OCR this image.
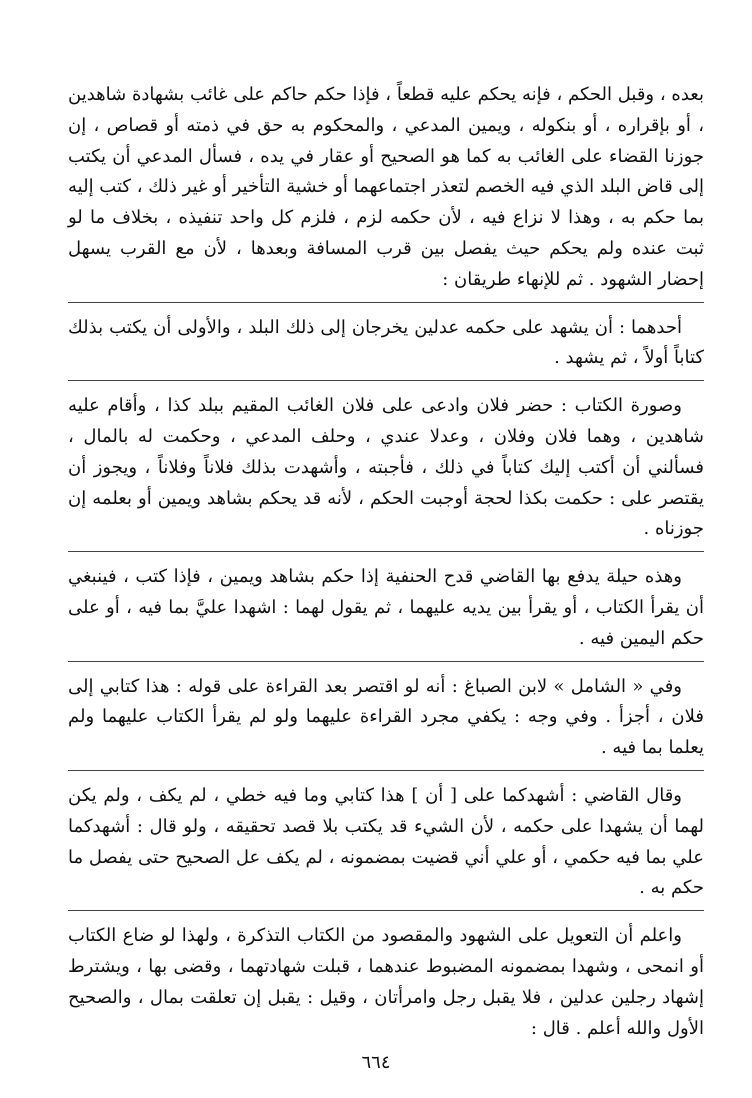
بعده ، وقبل الحكم ، فإنه يحكم عليه قطعاً ، فإذا حكم حاكم على غائب بشهادة شاهدين ، أو بإقراره ، أو بنكوله ، ويمين المدعي ، والمحكوم به حق في ذمته أو قصاص ، إن جوزنا القضاء على الغائب به كما هو الصحيح أو عقار في يده ، فسأل المدعي أن يكتب إلى قاض البلد الذي فيه الخصم لتعذر اجتماعهما أو خشية التأخير أو غير ذلك ، كتب إليه بما حكم به ، وهذا لا نزاع فيه ، لأن حكمه لزم ، فلزم كل واحد تنفيذه ، بخلاف ما لو ثبت عنده ولم يحكم حيث يفصل بين قرب المسافة وبعدها ، لأن مع القرب يسهل إحضار الشهود . ثم للإنهاء طريقان :

أحدهما : أن يشهد على حكمه عدلين يخرجان إلى ذلك البلد ، والأولى أن يكتب بذلك كتاباً أولاً ، ثم يشهد .

وصورة الكتاب : حضر فلان وادعى على فلان الغائب المقيم ببلد كذا ، وأقام عليه شاهدين ، وهما فلان وفلان ، وعدلا عندي ، وحلف المدعي ، وحكمت له بالمال ، فسألني أن أكتب إليك كتاباً في ذلك ، فأجبته ، وأشهدت بذلك فلاناً وفلاناً ، ويجوز أن يقتصر على : حكمت بكذا لحجة أوجبت الحكم ، لأنه قد يحكم بشاهد ويمين أو بعلمه إن جوزناه .

وهذه حيلة يدفع بها القاضي قدح الحنفية إذا حكم بشاهد ويمين ، فإذا كتب ، فينبغي أن يقرأ الكتاب ، أو يقرأ بين يديه عليهما ، ثم يقول لهما : اشهدا عليَّ بما فيه ، أو على حكم اليمين فيه .

وفي « الشامل » لابن الصباغ : أنه لو اقتصر بعد القراءة على قوله : هذا كتابي إلى فلان ، أجزأ . وفي وجه : يكفي مجرد القراءة عليهما ولو لم يقرأ الكتاب عليهما ولم يعلما بما فيه .

وقال القاضي : أشهدكما على [ أن ] هذا كتابي وما فيه خطي ، لم يكف ، ولم يكن لهما أن يشهدا على حكمه ، لأن الشيء قد يكتب بلا قصد تحقيقه ، ولو قال : أشهدكما علي بما فيه حكمي ، أو علي أني قضيت بمضمونه ، لم يكف عل الصحيح حتى يفصل ما حكم به .

واعلم أن التعويل على الشهود والمقصود من الكتاب التذكرة ، ولهذا لو ضاع الكتاب أو انمحى ، وشهدا بمضمونه المضبوط عندهما ، قبلت شهادتهما ، وقضى بها ، ويشترط إشهاد رجلين عدلين ، فلا يقبل رجل وامرأتان ، وقيل : يقبل إن تعلقت بمال ، والصحيح الأول والله أعلم . قال :

٦٦٤
